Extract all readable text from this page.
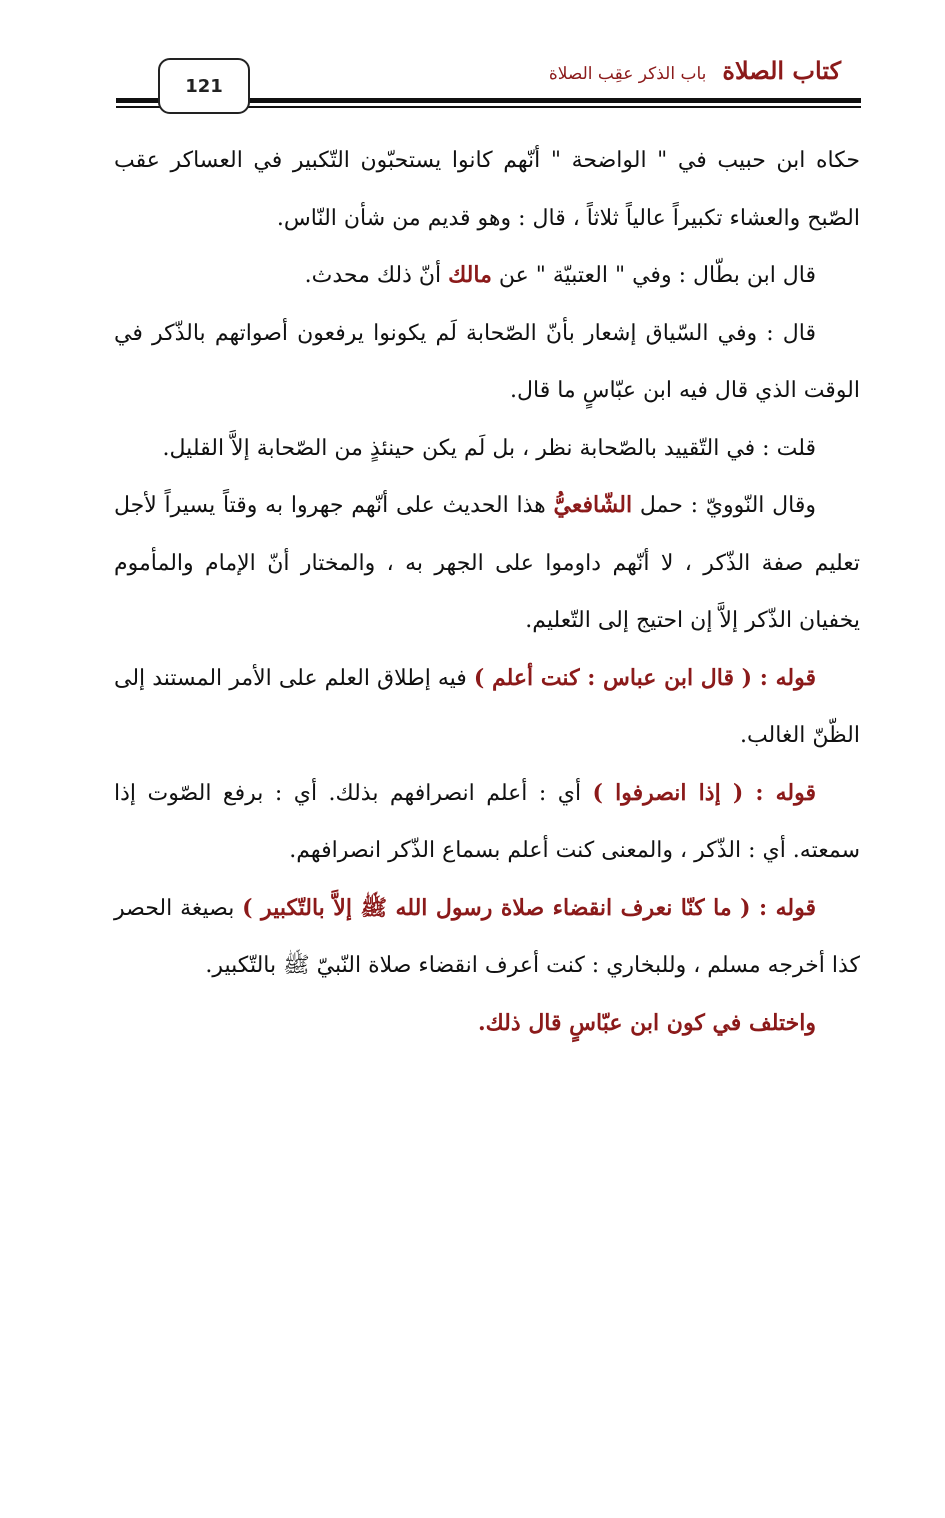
121
كتاب الصلاة
باب الذكر عقِب الصلاة

حكاه ابن حبيب في " الواضحة " أنّهم كانوا يستحبّون التّكبير في العساكر عقب الصّبح والعشاء تكبيراً عالياً ثلاثاً ، قال : وهو قديم من شأن النّاس.

قال ابن بطّال : وفي " العتبيّة " عن مالك أنّ ذلك محدث.

قال : وفي السّياق إشعار بأنّ الصّحابة لَم يكونوا يرفعون أصواتهم بالذّكر في الوقت الذي قال فيه ابن عبّاسٍ ما قال.

قلت : في التّقييد بالصّحابة نظر ، بل لَم يكن حينئذٍ من الصّحابة إلاَّ القليل.

وقال النّوويّ : حمل الشّافعيُّ هذا الحديث على أنّهم جهروا به وقتاً يسيراً لأجل تعليم صفة الذّكر ، لا أنّهم داوموا على الجهر به ، والمختار أنّ الإمام والمأموم يخفيان الذّكر إلاَّ إن احتيج إلى التّعليم.

قوله : ( قال ابن عباس : كنت أعلم ) فيه إطلاق العلم على الأمر المستند إلى الظّنّ الغالب.

قوله : ( إذا انصرفوا ) أي : أعلم انصرافهم بذلك. أي : برفع الصّوت إذا سمعته. أي : الذّكر ، والمعنى كنت أعلم بسماع الذّكر انصرافهم.

قوله : ( ما كنّا نعرف انقضاء صلاة رسول الله ﷺ إلاَّ بالتّكبير ) بصيغة الحصر كذا أخرجه مسلم ، وللبخاري : كنت أعرف انقضاء صلاة النّبيّ ﷺ بالتّكبير.

واختلف في كون ابن عبّاسٍ قال ذلك.
